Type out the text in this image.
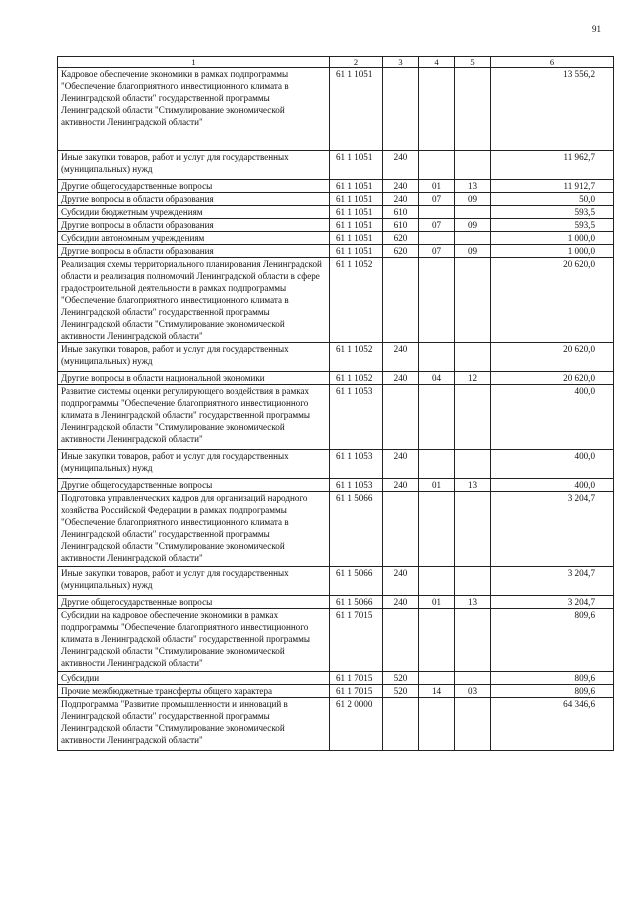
91
1	2	3	4	5	6
Кадровое обеспечение экономики в рамках подпрограммы "Обеспечение благоприятного инвестиционного климата в Ленинградской области" государственной программы Ленинградской области "Стимулирование экономической активности Ленинградской области"	61 1 1051				13 556,2
Иные закупки товаров, работ и услуг для государственных (муниципальных) нужд	61 1 1051	240			11 962,7
Другие общегосударственные вопросы	61 1 1051	240	01	13	11 912,7
Другие вопросы в области образования	61 1 1051	240	07	09	50,0
Субсидии бюджетным учреждениям	61 1 1051	610			593,5
Другие вопросы в области образования	61 1 1051	610	07	09	593,5
Субсидии автономным учреждениям	61 1 1051	620			1 000,0
Другие вопросы в области образования	61 1 1051	620	07	09	1 000,0
Реализация схемы территориального планирования Ленинградской области и реализация полномочий Ленинградской области в сфере градостроительной деятельности в рамках подпрограммы "Обеспечение благоприятного инвестиционного климата в Ленинградской области" государственной программы Ленинградской области "Стимулирование экономической активности Ленинградской области"	61 1 1052				20 620,0
Иные закупки товаров, работ и услуг для государственных (муниципальных) нужд	61 1 1052	240			20 620,0
Другие вопросы в области национальной экономики	61 1 1052	240	04	12	20 620,0
Развитие системы оценки регулирующего воздействия в рамках подпрограммы "Обеспечение благоприятного инвестиционного климата в Ленинградской области" государственной программы Ленинградской области "Стимулирование экономической активности Ленинградской области"	61 1 1053				400,0
Иные закупки товаров, работ и услуг для государственных (муниципальных) нужд	61 1 1053	240			400,0
Другие общегосударственные вопросы	61 1 1053	240	01	13	400,0
Подготовка управленческих кадров для организаций народного хозяйства Российской Федерации в рамках подпрограммы "Обеспечение благоприятного инвестиционного климата в Ленинградской области" государственной программы Ленинградской области "Стимулирование экономической активности Ленинградской области"	61 1 5066				3 204,7
Иные закупки товаров, работ и услуг для государственных (муниципальных) нужд	61 1 5066	240			3 204,7
Другие общегосударственные вопросы	61 1 5066	240	01	13	3 204,7
Субсидии на кадровое обеспечение экономики в рамках подпрограммы "Обеспечение благоприятного инвестиционного климата в Ленинградской области" государственной программы Ленинградской области "Стимулирование экономической активности Ленинградской области"	61 1 7015				809,6
Субсидии	61 1 7015	520			809,6
Прочие межбюджетные трансферты общего характера	61 1 7015	520	14	03	809,6
Подпрограмма "Развитие промышленности и инноваций в Ленинградской области" государственной программы Ленинградской области "Стимулирование экономической активности Ленинградской области"	61 2 0000				64 346,6
